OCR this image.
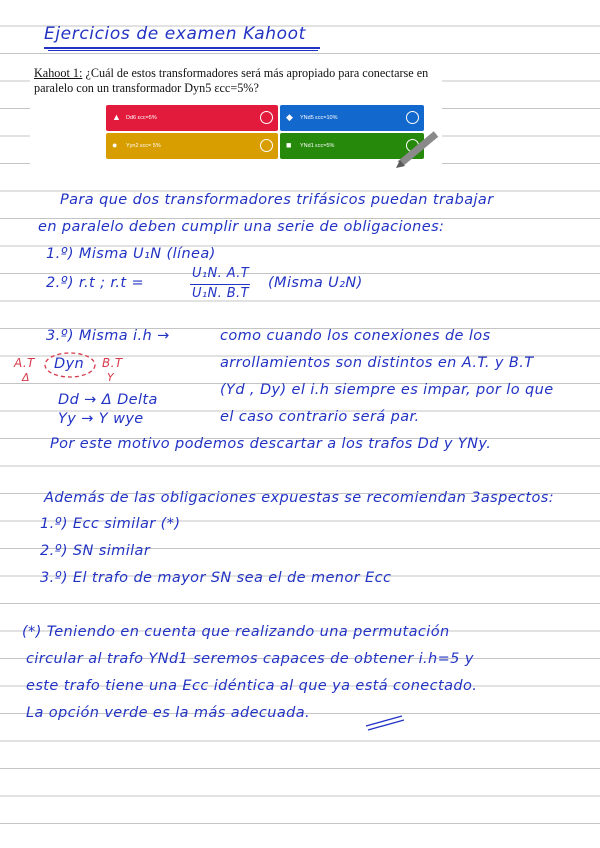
Ejercicios de examen Kahoot
Kahoot 1: ¿Cuál de estos transformadores será más apropiado para conectarse en paralelo con un transformador Dyn5 εcc=5%?
▲ Dd6 εcc=5%	◆ YNd5 εcc=10%
● Yyn2 εcc= 5%	■ YNd1 εcc=5%
Para que dos transformadores trifásicos puedan trabajar
en paralelo deben cumplir una serie de obligaciones:
1.º) Misma U₁N (línea)
2.º) r.t ; r.t =
U₁N. A.T
U₁N. B.T
(Misma U₂N)
3.º) Misma i.h →	como cuando los conexiones de los
arrollamientos son distintos en A.T. y B.T
(Yd , Dy) el i.h siempre es impar, por lo que
el caso contrario será par.
A.T
Δ
Dyn B.T
Y
Dd → Δ Delta
Yy → Y wye
Por este motivo podemos descartar a los trafos Dd y YNy.
Además de las obligaciones expuestas se recomiendan 3aspectos:
1.º) Ecc similar (*)
2.º) SN similar
3.º) El trafo de mayor SN sea el de menor Ecc
(*) Teniendo en cuenta que realizando una permutación
circular al trafo YNd1 seremos capaces de obtener i.h=5 y
este trafo tiene una Ecc idéntica al que ya está conectado.
La opción verde es la más adecuada.
